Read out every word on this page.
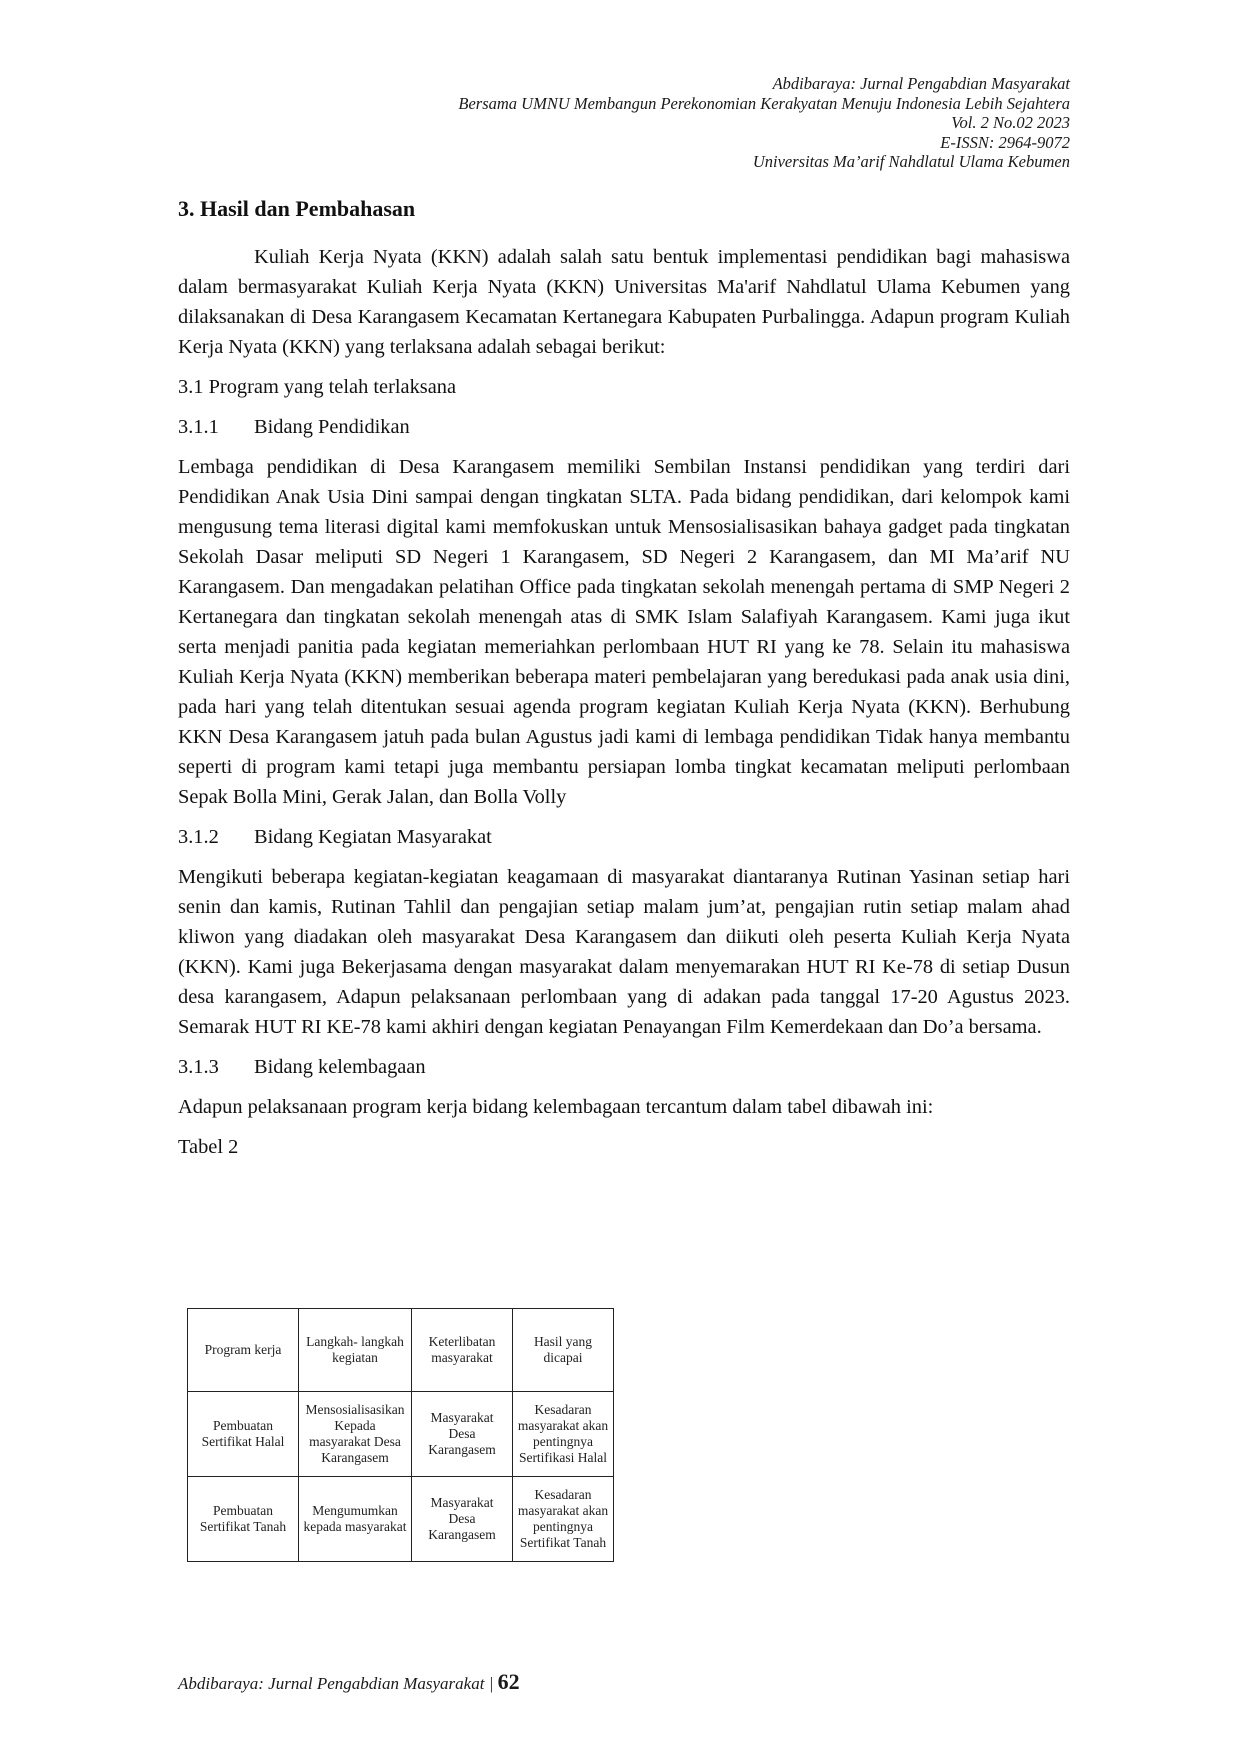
Abdibaraya: Jurnal Pengabdian Masyarakat
Bersama UMNU Membangun Perekonomian Kerakyatan Menuju Indonesia Lebih Sejahtera
Vol. 2 No.02 2023
E-ISSN: 2964-9072
Universitas Ma’arif Nahdlatul Ulama Kebumen
3. Hasil dan Pembahasan

Kuliah Kerja Nyata (KKN) adalah salah satu bentuk implementasi pendidikan bagi mahasiswa dalam bermasyarakat Kuliah Kerja Nyata (KKN) Universitas Ma'arif Nahdlatul Ulama Kebumen yang dilaksanakan di Desa Karangasem Kecamatan Kertanegara Kabupaten Purbalingga. Adapun program Kuliah Kerja Nyata (KKN) yang terlaksana adalah sebagai berikut:

3.1 Program yang telah terlaksana
3.1.1 Bidang Pendidikan

Lembaga pendidikan di Desa Karangasem memiliki Sembilan Instansi pendidikan yang terdiri dari Pendidikan Anak Usia Dini sampai dengan tingkatan SLTA. Pada bidang pendidikan, dari kelompok kami mengusung tema literasi digital kami memfokuskan untuk Mensosialisasikan bahaya gadget pada tingkatan Sekolah Dasar meliputi SD Negeri 1 Karangasem, SD Negeri 2 Karangasem, dan MI Ma’arif NU Karangasem. Dan mengadakan pelatihan Office pada tingkatan sekolah menengah pertama di SMP Negeri 2 Kertanegara dan tingkatan sekolah menengah atas di SMK Islam Salafiyah Karangasem. Kami juga ikut serta menjadi panitia pada kegiatan memeriahkan perlombaan HUT RI yang ke 78. Selain itu mahasiswa Kuliah Kerja Nyata (KKN) memberikan beberapa materi pembelajaran yang beredukasi pada anak usia dini, pada hari yang telah ditentukan sesuai agenda program kegiatan Kuliah Kerja Nyata (KKN). Berhubung KKN Desa Karangasem jatuh pada bulan Agustus jadi kami di lembaga pendidikan Tidak hanya membantu seperti di program kami tetapi juga membantu persiapan lomba tingkat kecamatan meliputi perlombaan Sepak Bolla Mini, Gerak Jalan, dan Bolla Volly

3.1.2 Bidang Kegiatan Masyarakat

Mengikuti beberapa kegiatan-kegiatan keagamaan di masyarakat diantaranya Rutinan Yasinan setiap hari senin dan kamis, Rutinan Tahlil dan pengajian setiap malam jum’at, pengajian rutin setiap malam ahad kliwon yang diadakan oleh masyarakat Desa Karangasem dan diikuti oleh peserta Kuliah Kerja Nyata (KKN). Kami juga Bekerjasama dengan masyarakat dalam menyemarakan HUT RI Ke-78 di setiap Dusun desa karangasem, Adapun pelaksanaan perlombaan yang di adakan pada tanggal 17-20 Agustus 2023. Semarak HUT RI KE-78 kami akhiri dengan kegiatan Penayangan Film Kemerdekaan dan Do’a bersama.

3.1.3 Bidang kelembagaan

Adapun pelaksanaan program kerja bidang kelembagaan tercantum dalam tabel dibawah ini:

Tabel 2
Program kerja	Langkah- langkah kegiatan	Keterlibatan masyarakat	Hasil yang dicapai
Pembuatan Sertifikat Halal	Mensosialisasikan Kepada masyarakat Desa Karangasem	Masyarakat Desa Karangasem	Kesadaran masyarakat akan pentingnya Sertifikasi Halal
Pembuatan Sertifikat Tanah	Mengumumkan kepada masyarakat	Masyarakat Desa Karangasem	Kesadaran masyarakat akan pentingnya Sertifikat Tanah
Abdibaraya: Jurnal Pengabdian Masyarakat | 62
